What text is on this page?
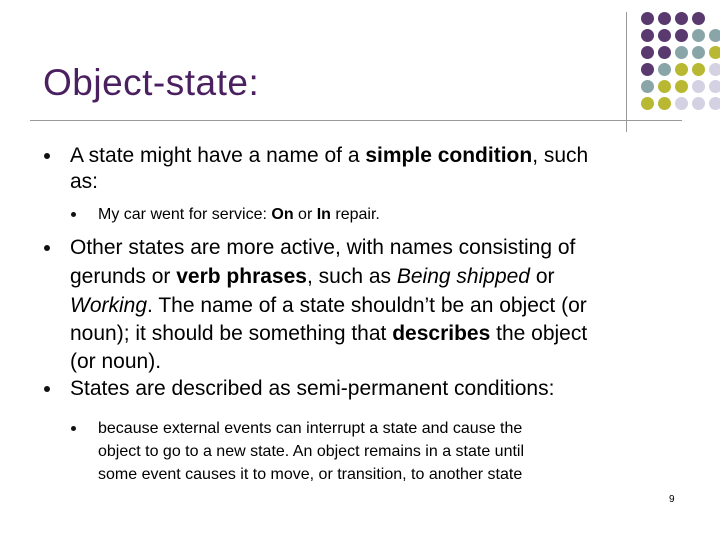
Object-state:
A state might have a name of a simple condition, such
as:
My car went for service: On or In repair.
Other states are more active, with names consisting of
gerunds or verb phrases, such as Being shipped or
Working. The name of a state shouldn’t be an object (or
noun); it should be something that describes the object
(or noun).
States are described as semi-permanent conditions:
because external events can interrupt a state and cause the
object to go to a new state. An object remains in a state until
some event causes it to move, or transition, to another state
9
